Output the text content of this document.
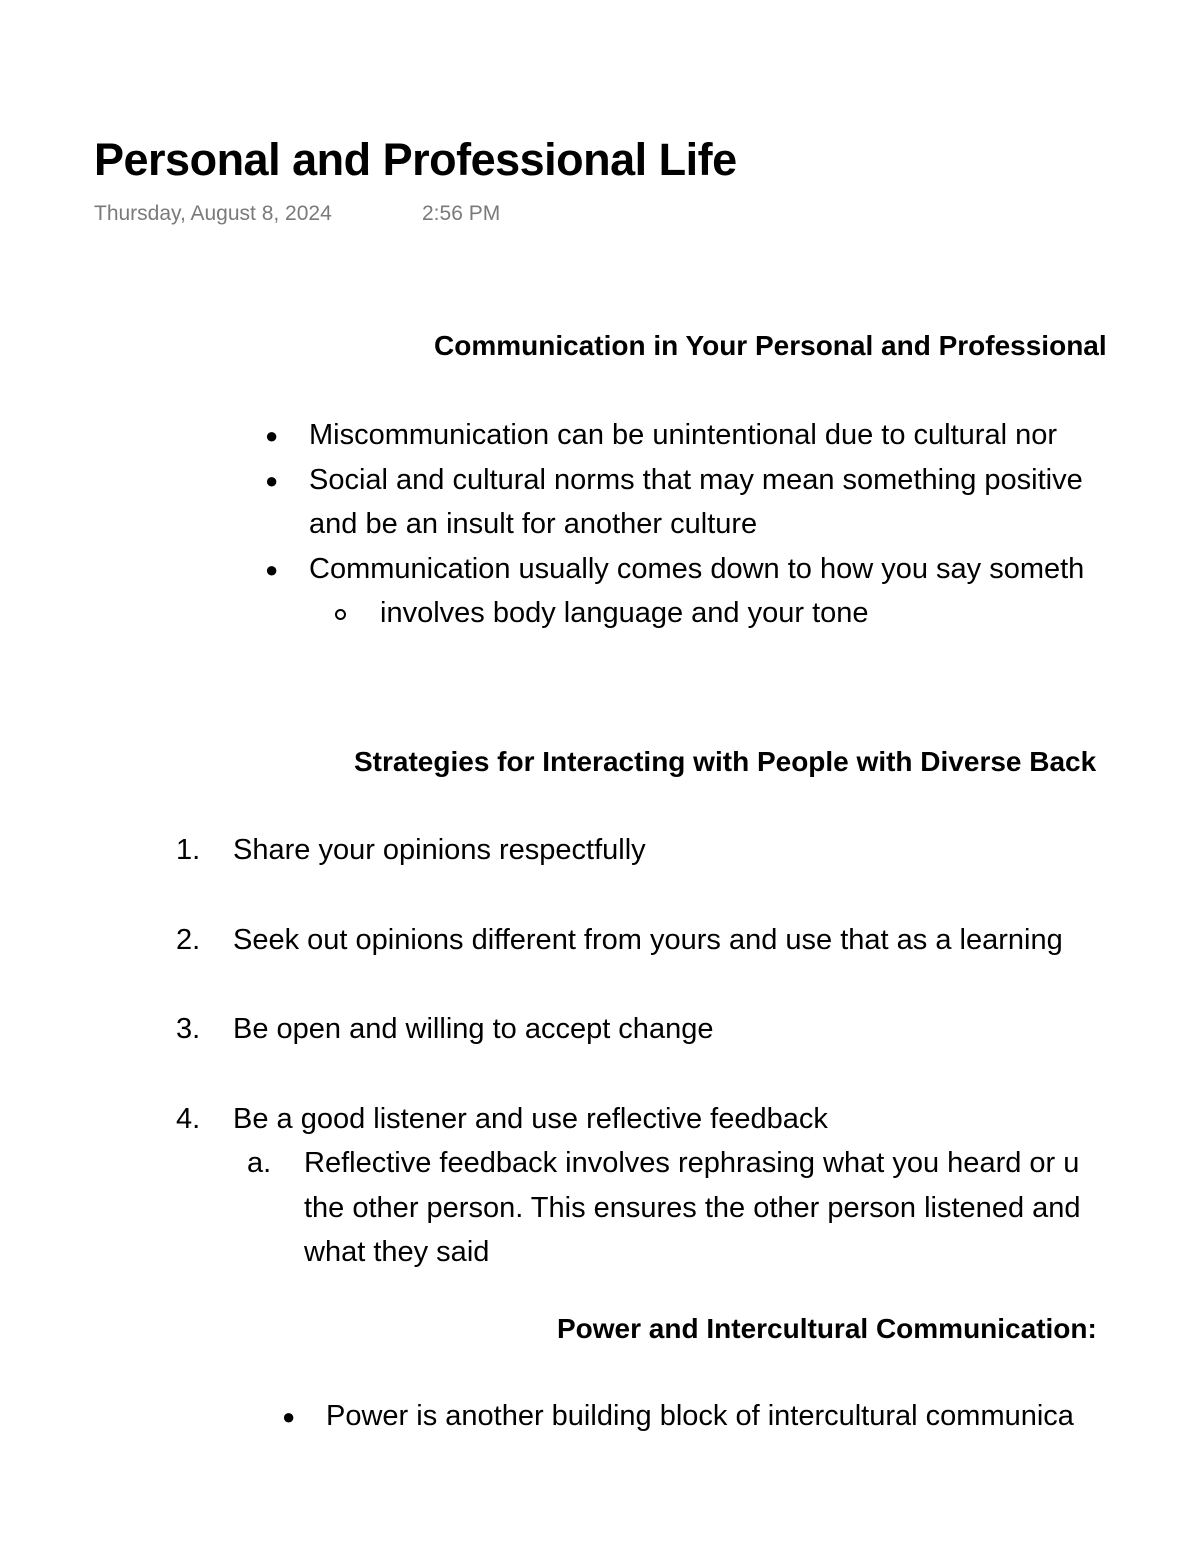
Personal and Professional Life
Thursday, August 8, 2024	2:56 PM
Communication in Your Personal and Professional
● Miscommunication can be unintentional due to cultural nor
● Social and cultural norms that may mean something positive
and be an insult for another culture
● Communication usually comes down to how you say someth
involves body language and your tone
Strategies for Interacting with People with Diverse Back
1. Share your opinions respectfully
2. Seek out opinions different from yours and use that as a learning
3. Be open and willing to accept change
4. Be a good listener and use reflective feedback
a. Reflective feedback involves rephrasing what you heard or u
the other person. This ensures the other person listened and
what they said
Power and Intercultural Communication:
● Power is another building block of intercultural communica
